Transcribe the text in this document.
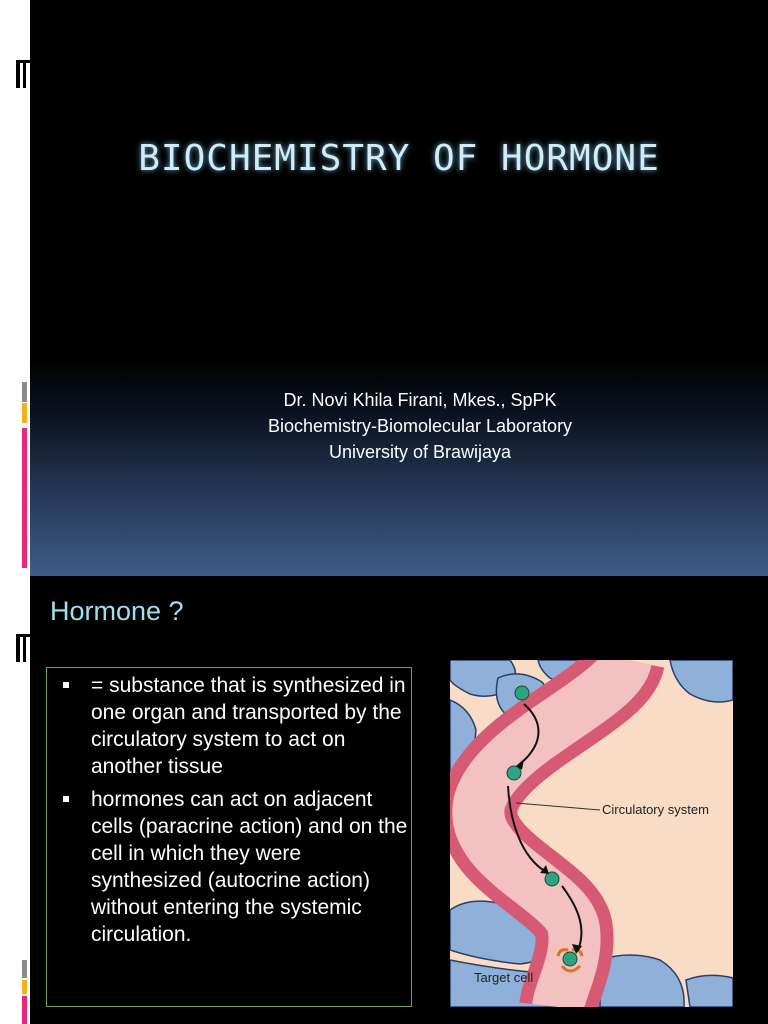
BIOCHEMISTRY OF HORMONE
Dr. Novi Khila Firani, Mkes., SpPK
Biochemistry-Biomolecular Laboratory
University of Brawijaya
Hormone ?
= substance that is synthesized in one organ and transported by the circulatory system to act on another tissue
hormones can act on adjacent cells (paracrine action) and on the cell in which they were synthesized (autocrine action) without entering the systemic circulation.
Circulatory system
Target cell
